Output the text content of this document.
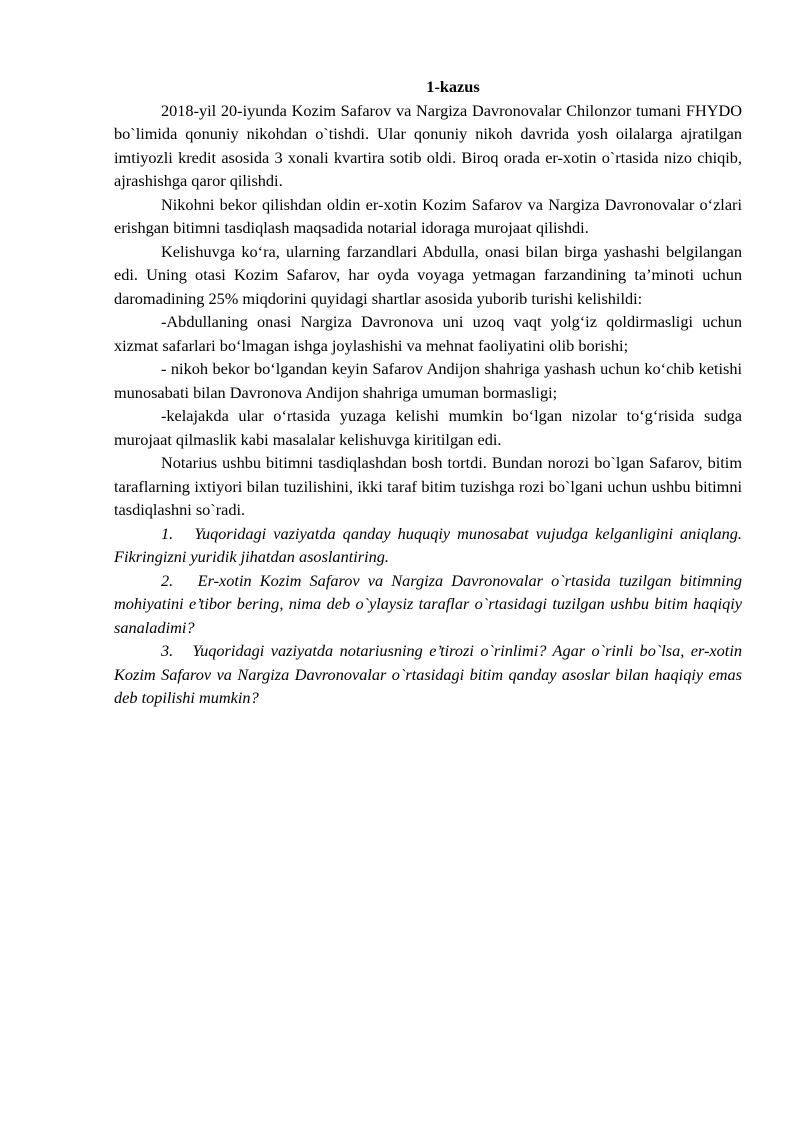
1-kazus

2018-yil 20-iyunda Kozim Safarov va Nargiza Davronovalar Chilonzor tumani FHYDO bo`limida qonuniy nikohdan o`tishdi. Ular qonuniy nikoh davrida yosh oilalarga ajratilgan imtiyozli kredit asosida 3 xonali kvartira sotib oldi. Biroq orada er-xotin o`rtasida nizo chiqib, ajrashishga qaror qilishdi.

Nikohni bekor qilishdan oldin er-xotin Kozim Safarov va Nargiza Davronovalar o‘zlari erishgan bitimni tasdiqlash maqsadida notarial idoraga murojaat qilishdi.

Kelishuvga ko‘ra, ularning farzandlari Abdulla, onasi bilan birga yashashi belgilangan edi. Uning otasi Kozim Safarov, har oyda voyaga yetmagan farzandining ta’minoti uchun daromadining 25% miqdorini quyidagi shartlar asosida yuborib turishi kelishildi:

-Abdullaning onasi Nargiza Davronova uni uzoq vaqt yolg‘iz qoldirmasligi uchun xizmat safarlari bo‘lmagan ishga joylashishi va mehnat faoliyatini olib borishi;

- nikoh bekor bo‘lgandan keyin Safarov Andijon shahriga yashash uchun ko‘chib ketishi munosabati bilan Davronova Andijon shahriga umuman bormasligi;

-kelajakda ular o‘rtasida yuzaga kelishi mumkin bo‘lgan nizolar to‘g‘risida sudga murojaat qilmaslik kabi masalalar kelishuvga kiritilgan edi.

Notarius ushbu bitimni tasdiqlashdan bosh tortdi. Bundan norozi bo`lgan Safarov, bitim taraflarning ixtiyori bilan tuzilishini, ikki taraf bitim tuzishga rozi bo`lgani uchun ushbu bitimni tasdiqlashni so`radi.

1.   Yuqoridagi vaziyatda qanday huquqiy munosabat vujudga kelganligini aniqlang. Fikringizni yuridik jihatdan asoslantiring.

2.   Er-xotin Kozim Safarov va Nargiza Davronovalar o`rtasida tuzilgan bitimning mohiyatini e’tibor bering, nima deb o`ylaysiz taraflar o`rtasidagi tuzilgan ushbu bitim haqiqiy sanaladimi?

3.   Yuqoridagi vaziyatda notariusning e’tirozi o`rinlimi? Agar o`rinli bo`lsa, er-xotin Kozim Safarov va Nargiza Davronovalar o`rtasidagi bitim qanday asoslar bilan haqiqiy emas deb topilishi mumkin?
